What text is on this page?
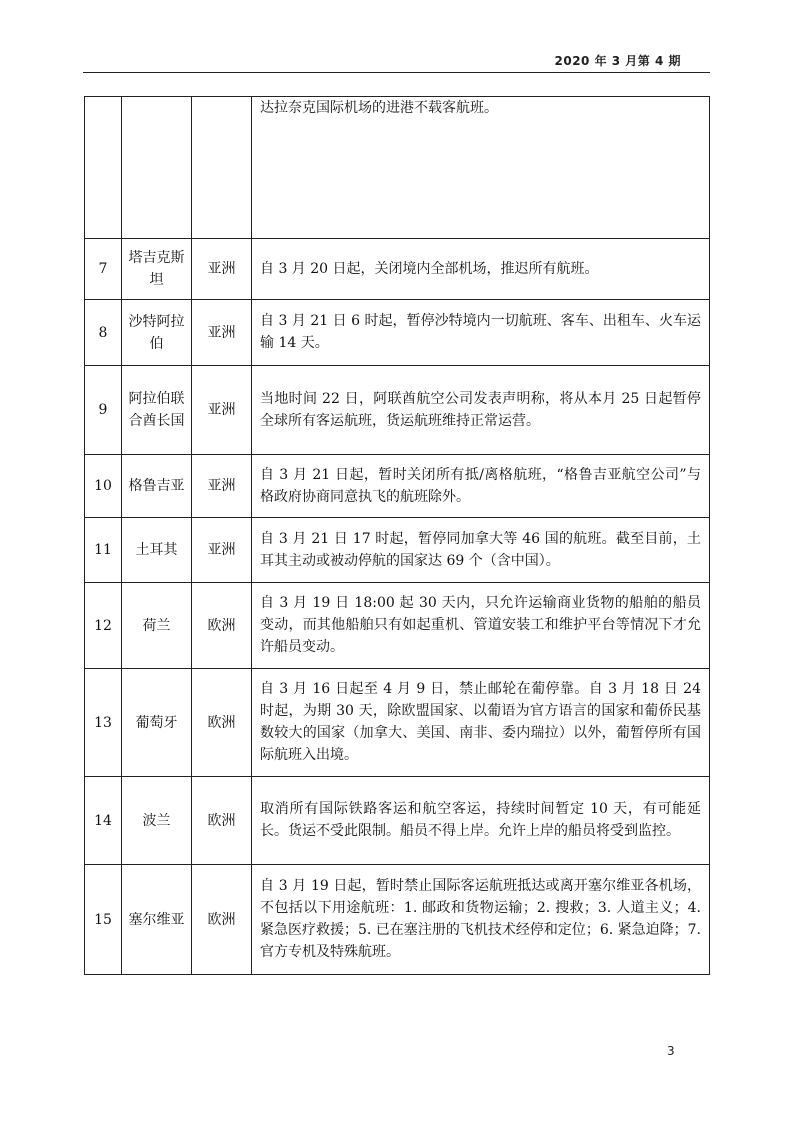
2020 年 3 月第 4 期
			达拉奈克国际机场的进港不载客航班。
7	塔吉克斯坦	亚洲	自 3 月 20 日起，关闭境内全部机场，推迟所有航班。
8	沙特阿拉伯	亚洲	自 3 月 21 日 6 时起，暂停沙特境内一切航班、客车、出租车、火车运输 14 天。
9	阿拉伯联合酋长国	亚洲	当地时间 22 日，阿联酋航空公司发表声明称，将从本月 25 日起暂停全球所有客运航班，货运航班维持正常运营。
10	格鲁吉亚	亚洲	自 3 月 21 日起，暂时关闭所有抵/离格航班，“格鲁吉亚航空公司”与格政府协商同意执飞的航班除外。
11	土耳其	亚洲	自 3 月 21 日 17 时起，暂停同加拿大等 46 国的航班。截至目前，土耳其主动或被动停航的国家达 69 个（含中国）。
12	荷兰	欧洲	自 3 月 19 日 18:00 起 30 天内，只允许运输商业货物的船舶的船员变动，而其他船舶只有如起重机、管道安装工和维护平台等情况下才允许船员变动。
13	葡萄牙	欧洲	自 3 月 16 日起至 4 月 9 日，禁止邮轮在葡停靠。自 3 月 18 日 24 时起，为期 30 天，除欧盟国家、以葡语为官方语言的国家和葡侨民基数较大的国家（加拿大、美国、南非、委内瑞拉）以外，葡暂停所有国际航班入出境。
14	波兰	欧洲	取消所有国际铁路客运和航空客运，持续时间暂定 10 天，有可能延长。货运不受此限制。船员不得上岸。允许上岸的船员将受到监控。
15	塞尔维亚	欧洲	自 3 月 19 日起，暂时禁止国际客运航班抵达或离开塞尔维亚各机场，不包括以下用途航班：1. 邮政和货物运输；2. 搜救；3. 人道主义；4. 紧急医疗救援；5. 已在塞注册的飞机技术经停和定位；6. 紧急迫降；7. 官方专机及特殊航班。
3
